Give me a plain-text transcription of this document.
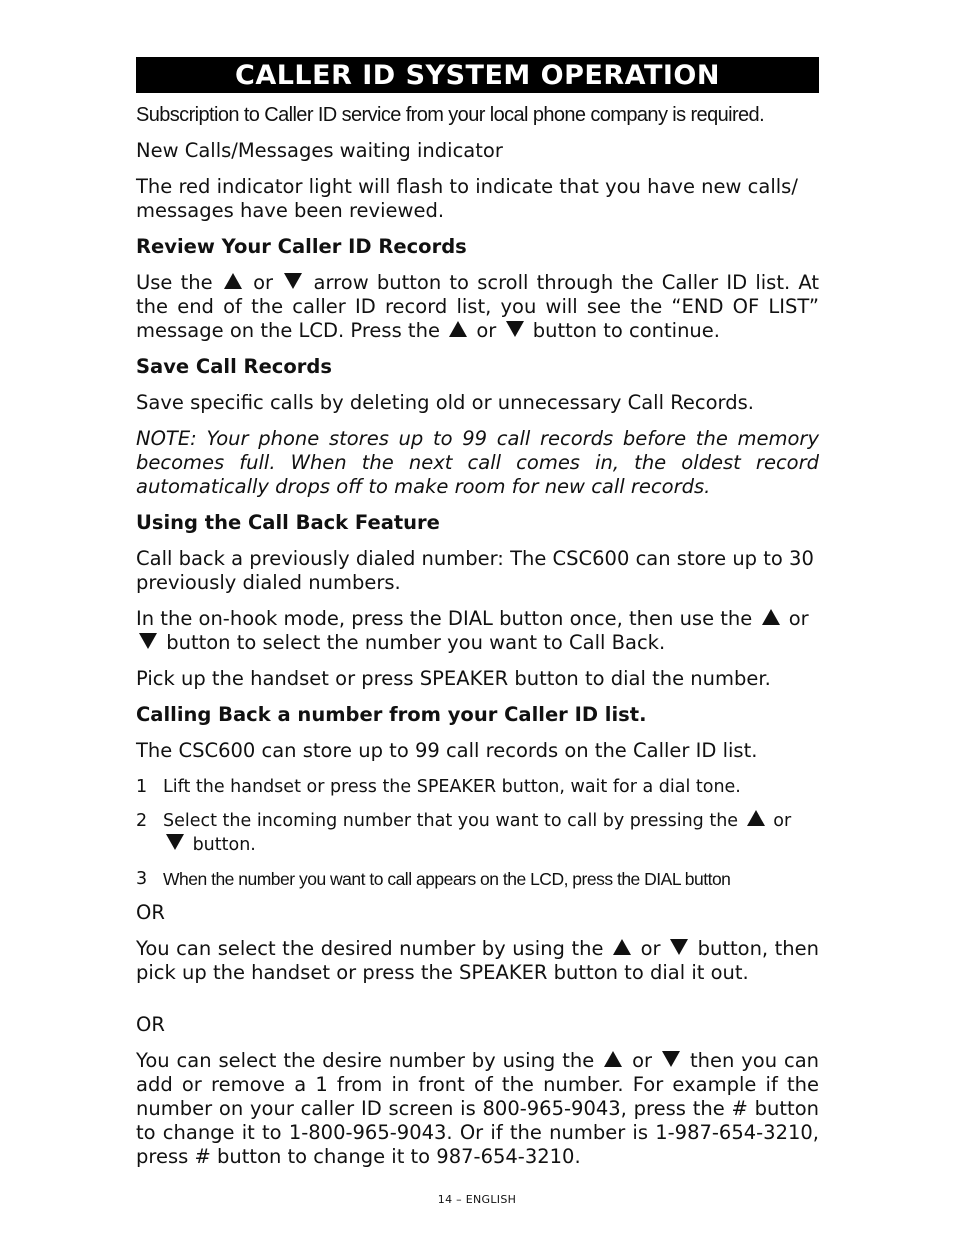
CALLER ID SYSTEM OPERATION

Subscription to Caller ID service from your local phone company is required.

New Calls/Messages waiting indicator

The red indicator light will flash to indicate that you have new calls/ messages have been reviewed.

Review Your Caller ID Records

Use the or arrow button to scroll through the Caller ID list. At the end of the caller ID record list, you will see the “END OF LIST” message on the LCD. Press the or button to continue.

Save Call Records

Save specific calls by deleting old or unnecessary Call Records.

NOTE: Your phone stores up to 99 call records before the memory becomes full. When the next call comes in, the oldest record automatically drops off to make room for new call records.

Using the Call Back Feature

Call back a previously dialed number: The CSC600 can store up to 30 previously dialed numbers.

In the on-hook mode, press the DIAL button once, then use the or  button to select the number you want to Call Back.

Pick up the handset or press SPEAKER button to dial the number.

Calling Back a number from your Caller ID list.

The CSC600 can store up to 99 call records on the Caller ID list.

1 Lift the handset or press the SPEAKER button, wait for a dial tone.
2 Select the incoming number that you want to call by pressing the or
button.
3 When the number you want to call appears on the LCD, press the DIAL button

OR

You can select the desired number by using the or button, then pick up the handset or press the SPEAKER button to dial it out.

OR

You can select the desire number by using the or then you can add or remove a 1 from in front of the number. For example if the number on your caller ID screen is 800-965-9043, press the # button to change it to 1-800-965-9043. Or if the number is 1-987-654-3210, press # button to change it to 987-654-3210.

14 – ENGLISH
